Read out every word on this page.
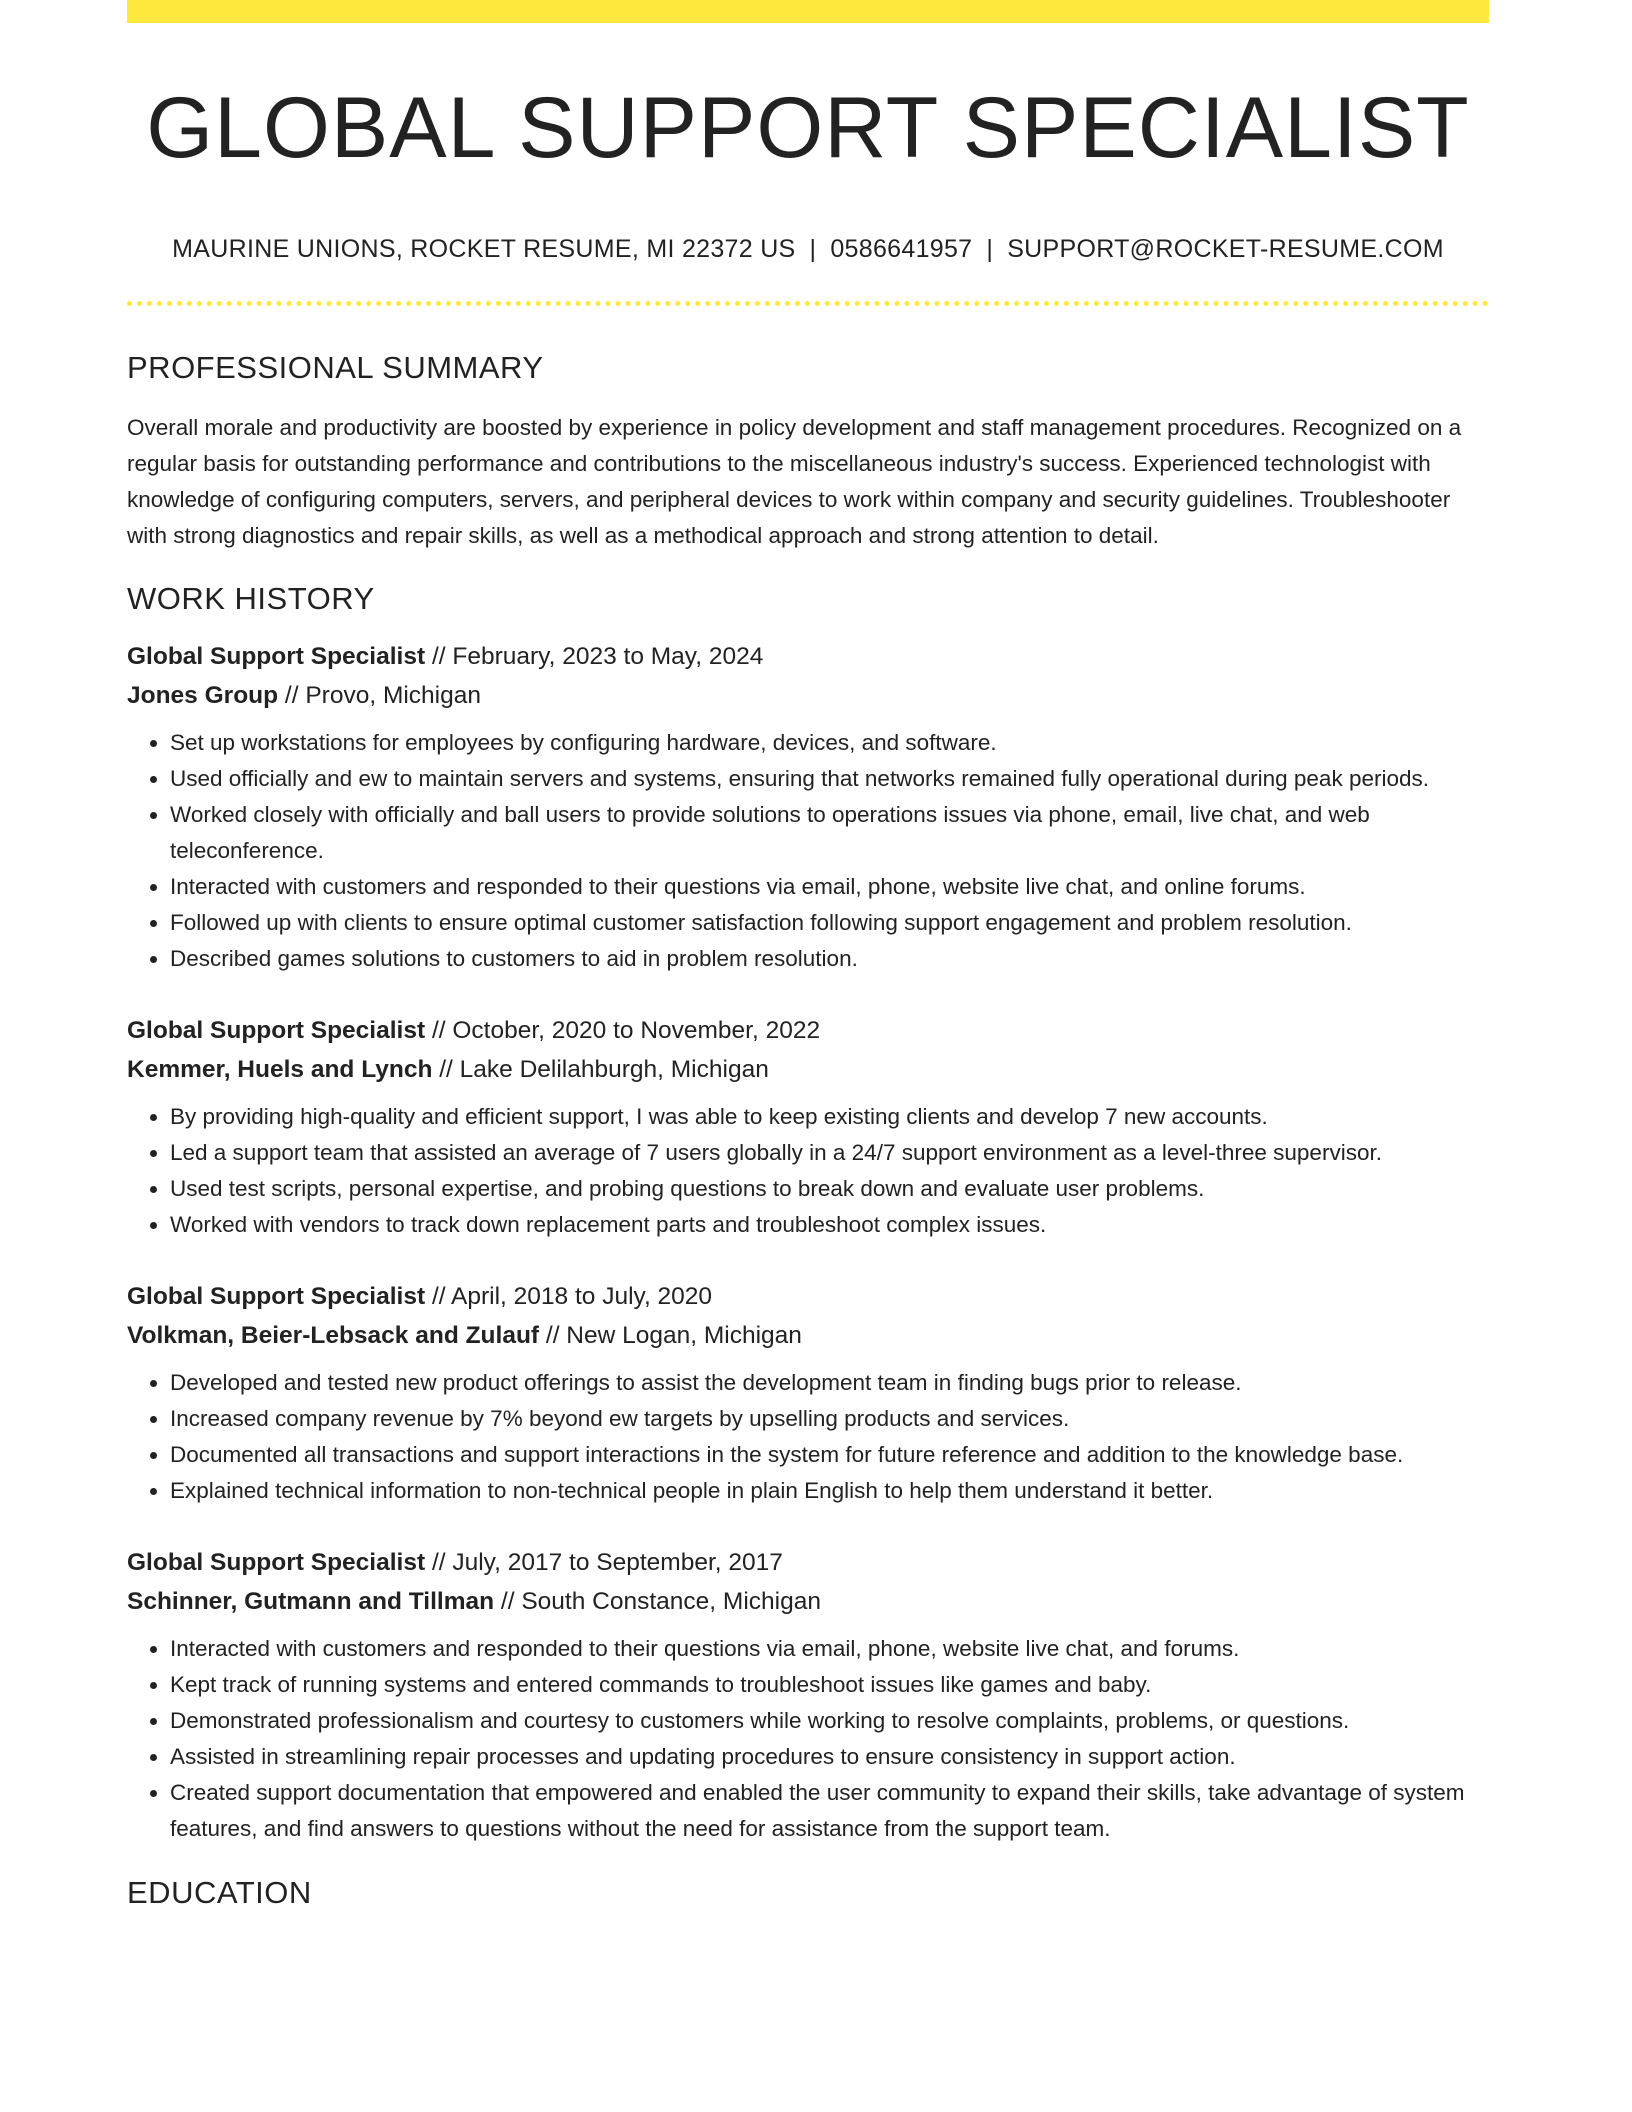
GLOBAL SUPPORT SPECIALIST
MAURINE UNIONS, ROCKET RESUME, MI 22372 US | 0586641957 | SUPPORT@ROCKET-RESUME.COM
PROFESSIONAL SUMMARY
Overall morale and productivity are boosted by experience in policy development and staff management procedures. Recognized on a regular basis for outstanding performance and contributions to the miscellaneous industry's success. Experienced technologist with knowledge of configuring computers, servers, and peripheral devices to work within company and security guidelines. Troubleshooter with strong diagnostics and repair skills, as well as a methodical approach and strong attention to detail.
WORK HISTORY
Global Support Specialist // February, 2023 to May, 2024
Jones Group // Provo, Michigan
• Set up workstations for employees by configuring hardware, devices, and software.
• Used officially and ew to maintain servers and systems, ensuring that networks remained fully operational during peak periods.
• Worked closely with officially and ball users to provide solutions to operations issues via phone, email, live chat, and web teleconference.
• Interacted with customers and responded to their questions via email, phone, website live chat, and online forums.
• Followed up with clients to ensure optimal customer satisfaction following support engagement and problem resolution.
• Described games solutions to customers to aid in problem resolution.
Global Support Specialist // October, 2020 to November, 2022
Kemmer, Huels and Lynch // Lake Delilahburgh, Michigan
• By providing high-quality and efficient support, I was able to keep existing clients and develop 7 new accounts.
• Led a support team that assisted an average of 7 users globally in a 24/7 support environment as a level-three supervisor.
• Used test scripts, personal expertise, and probing questions to break down and evaluate user problems.
• Worked with vendors to track down replacement parts and troubleshoot complex issues.
Global Support Specialist // April, 2018 to July, 2020
Volkman, Beier-Lebsack and Zulauf // New Logan, Michigan
• Developed and tested new product offerings to assist the development team in finding bugs prior to release.
• Increased company revenue by 7% beyond ew targets by upselling products and services.
• Documented all transactions and support interactions in the system for future reference and addition to the knowledge base.
• Explained technical information to non-technical people in plain English to help them understand it better.
Global Support Specialist // July, 2017 to September, 2017
Schinner, Gutmann and Tillman // South Constance, Michigan
• Interacted with customers and responded to their questions via email, phone, website live chat, and forums.
• Kept track of running systems and entered commands to troubleshoot issues like games and baby.
• Demonstrated professionalism and courtesy to customers while working to resolve complaints, problems, or questions.
• Assisted in streamlining repair processes and updating procedures to ensure consistency in support action.
• Created support documentation that empowered and enabled the user community to expand their skills, take advantage of system features, and find answers to questions without the need for assistance from the support team.
EDUCATION
